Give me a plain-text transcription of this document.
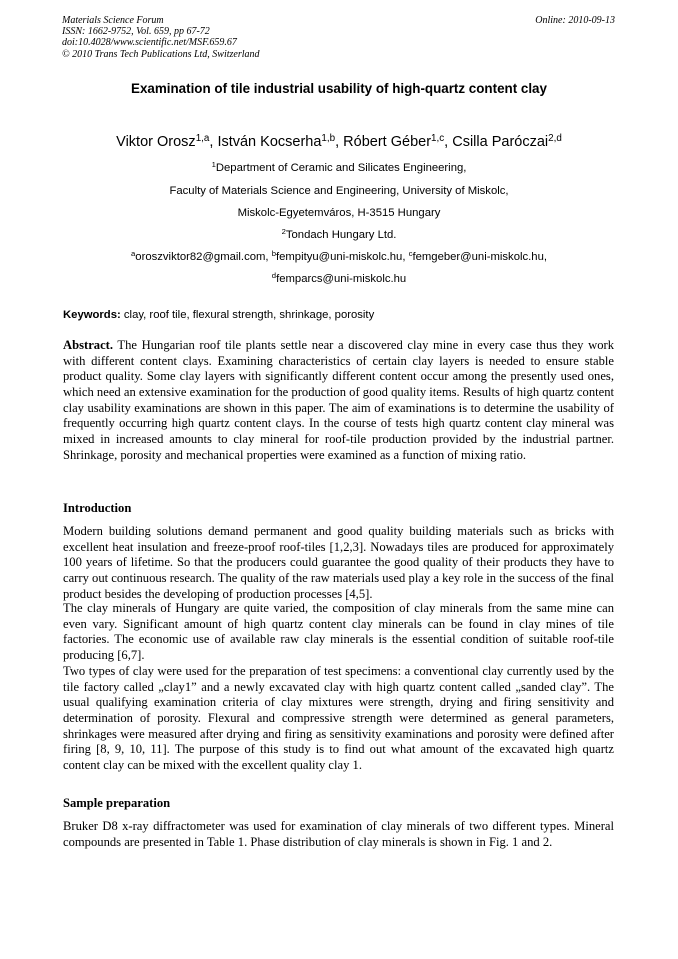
Materials Science Forum
ISSN: 1662-9752, Vol. 659, pp 67-72
doi:10.4028/www.scientific.net/MSF.659.67
© 2010 Trans Tech Publications Ltd, Switzerland
Online: 2010-09-13
Examination of tile industrial usability of high-quartz content clay
Viktor Orosz$^{1,a}$, István Kocserha$^{1,b}$, Róbert Géber$^{1,c}$, Csilla Paróczai$^{2,d}$
$^1$Department of Ceramic and Silicates Engineering,
Faculty of Materials Science and Engineering, University of Miskolc,
Miskolc-Egyetemváros, H-3515 Hungary
$^2$Tondach Hungary Ltd.
$^a$oroszviktor82@gmail.com, $^b$fempityu@uni-miskolc.hu, $^c$femgeber@uni-miskolc.hu,
$^d$femparcs@uni-miskolc.hu
Keywords: clay, roof tile, flexural strength, shrinkage, porosity
Abstract. The Hungarian roof tile plants settle near a discovered clay mine in every case thus they work with different content clays. Examining characteristics of certain clay layers is needed to ensure stable product quality. Some clay layers with significantly different content occur among the presently used ones, which need an extensive examination for the production of good quality items. Results of high quartz content clay usability examinations are shown in this paper. The aim of examinations is to determine the usability of frequently occurring high quartz content clays. In the course of tests high quartz content clay mineral was mixed in increased amounts to clay mineral for roof-tile production provided by the industrial partner. Shrinkage, porosity and mechanical properties were examined as a function of mixing ratio.
Introduction
Modern building solutions demand permanent and good quality building materials such as bricks with excellent heat insulation and freeze-proof roof-tiles [1,2,3]. Nowadays tiles are produced for approximately 100 years of lifetime. So that the producers could guarantee the good quality of their products they have to carry out continuous research. The quality of the raw materials used play a key role in the success of the final product besides the developing of production processes [4,5].
The clay minerals of Hungary are quite varied, the composition of clay minerals from the same mine can even vary. Significant amount of high quartz content clay minerals can be found in clay mines of tile factories. The economic use of available raw clay minerals is the essential condition of suitable roof-tile producing [6,7].
Two types of clay were used for the preparation of test specimens: a conventional clay currently used by the tile factory called „clay1” and a newly excavated clay with high quartz content called „sanded clay”. The usual qualifying examination criteria of clay mixtures were strength, drying and firing sensitivity and determination of porosity. Flexural and compressive strength were determined as general parameters, shrinkages were measured after drying and firing as sensitivity examinations and porosity were defined after firing [8, 9, 10, 11]. The purpose of this study is to find out what amount of the excavated high quartz content clay can be mixed with the excellent quality clay 1.
Sample preparation
Bruker D8 x-ray diffractometer was used for examination of clay minerals of two different types. Mineral compounds are presented in Table 1. Phase distribution of clay minerals is shown in Fig. 1 and 2.
